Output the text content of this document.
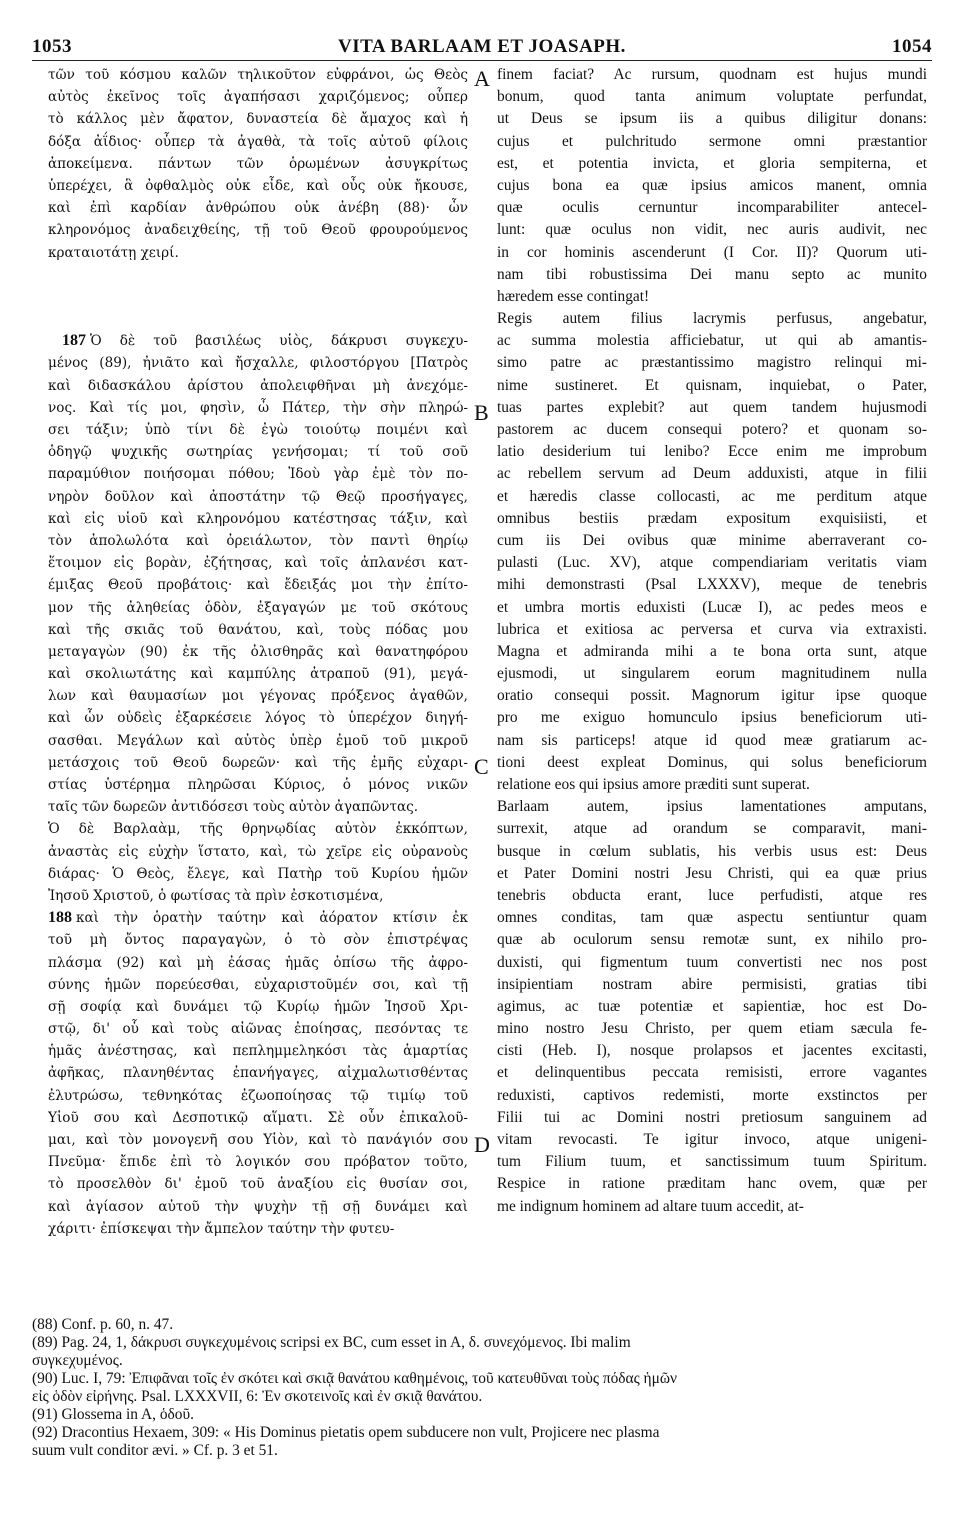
1053	VITA BARLAAM ET JOASAPH.	1054
τῶν τοῦ κόσμου καλῶν τηλικοῦτον εὐφράνοι, ὡς Θεὸς
αὐτὸς ἐκεῖνος τοῖς ἀγαπήσασι χαριζόμενος; οὗπερ
τὸ κάλλος μὲν ἄφατον, δυναστεία δὲ ἄμαχος καὶ ἡ
δόξα ἀΐδιος· οὗπερ τὰ ἀγαθὰ, τὰ τοῖς αὐτοῦ φίλοις
ἀποκείμενα. πάντων τῶν ὁρωμένων ἀσυγκρίτως
ὑπερέχει, ἃ ὀφθαλμὸς οὐκ εἶδε, καὶ οὖς οὐκ ἤκουσε,
καὶ ἐπὶ καρδίαν ἀνθρώπου οὐκ ἀνέβη (88)· ὧν
κληρονόμος ἀναδειχθείης, τῇ τοῦ Θεοῦ φρουρούμενος
κραταιοτάτῃ χειρί.
187 Ὁ δὲ τοῦ βασιλέως υἱὸς, δάκρυσι συγκεχυ-
μένος (89), ἠνιᾶτο καὶ ἤσχαλλε, φιλοστόργου [Πατρὸς
καὶ διδασκάλου ἀρίστου ἀπολειφθῆναι μὴ ἀνεχόμε-
νος. Καὶ τίς μοι, φησὶν, ὦ Πάτερ, τὴν σὴν πληρώ-
σει τάξιν; ὑπὸ τίνι δὲ ἐγὼ τοιούτῳ ποιμένι καὶ
ὁδηγῷ ψυχικῆς σωτηρίας γενήσομαι; τί τοῦ σοῦ
παραμύθιον ποιήσομαι πόθου; Ἰδοὺ γὰρ ἐμὲ τὸν πο-
νηρὸν δοῦλον καὶ ἀποστάτην τῷ Θεῷ προσήγαγες,
καὶ εἰς υἱοῦ καὶ κληρονόμου κατέστησας τάξιν, καὶ
τὸν ἀπολωλότα καὶ ὀρειάλωτον, τὸν παντὶ θηρίῳ
ἕτοιμον εἰς βορὰν, ἐζήτησας, καὶ τοῖς ἀπλανέσι κατ-
έμιξας Θεοῦ προβάτοις· καὶ ἔδειξάς μοι τὴν ἐπίτο-
μον τῆς ἀληθείας ὁδὸν, ἐξαγαγών με τοῦ σκότους
καὶ τῆς σκιᾶς τοῦ θανάτου, καὶ, τοὺς πόδας μου
μεταγαγὼν (90) ἐκ τῆς ὀλισθηρᾶς καὶ θανατηφόρου
καὶ σκολιωτάτης καὶ καμπύλης ἀτραποῦ (91), μεγά-
λων καὶ θαυμασίων μοι γέγονας πρόξενος ἀγαθῶν,
καὶ ὧν οὐδεὶς ἐξαρκέσειε λόγος τὸ ὑπερέχον διηγή-
σασθαι. Μεγάλων καὶ αὐτὸς ὑπὲρ ἐμοῦ τοῦ μικροῦ
μετάσχοις τοῦ Θεοῦ δωρεῶν· καὶ τῆς ἐμῆς εὐχαρι-
στίας ὑστέρημα πληρῶσαι Κύριος, ὁ μόνος νικῶν
ταῖς τῶν δωρεῶν ἀντιδόσεσι τοὺς αὐτὸν ἀγαπῶντας.
Ὁ δὲ Βαρλαὰμ, τῆς θρηνῳδίας αὐτὸν ἐκκόπτων,
ἀναστὰς εἰς εὐχὴν ἵστατο, καὶ, τὼ χεῖρε εἰς οὐρανοὺς
διάρας· Ὁ Θεὸς, ἔλεγε, καὶ Πατὴρ τοῦ Κυρίου ἡμῶν
Ἰησοῦ Χριστοῦ, ὁ φωτίσας τὰ πρὶν ἐσκοτισμένα,
188 καὶ τὴν ὁρατὴν ταύτην καὶ ἀόρατον κτίσιν ἐκ
τοῦ μὴ ὄντος παραγαγὼν, ὁ τὸ σὸν ἐπιστρέψας
πλάσμα (92) καὶ μὴ ἐάσας ἡμᾶς ὀπίσω τῆς ἀφρο-
σύνης ἡμῶν πορεύεσθαι, εὐχαριστοῦμέν σοι, καὶ τῇ
σῇ σοφίᾳ καὶ δυνάμει τῷ Κυρίῳ ἡμῶν Ἰησοῦ Χρι-
στῷ, δι' οὗ καὶ τοὺς αἰῶνας ἐποίησας, πεσόντας τε
ἡμᾶς ἀνέστησας, καὶ πεπλημμεληκόσι τὰς ἁμαρτίας
ἀφῆκας, πλανηθέντας ἐπανήγαγες, αἰχμαλωτισθέντας
ἐλυτρώσω, τεθνηκότας ἐζωοποίησας τῷ τιμίῳ τοῦ
Υἱοῦ σου καὶ Δεσποτικῷ αἵματι. Σὲ οὖν ἐπικαλοῦ-
μαι, καὶ τὸν μονογενῆ σου Υἱὸν, καὶ τὸ πανάγιόν σου
Πνεῦμα· ἔπιδε ἐπὶ τὸ λογικόν σου πρόβατον τοῦτο,
τὸ προσελθὸν δι' ἐμοῦ τοῦ ἀναξίου εἰς θυσίαν σοι,
καὶ ἁγίασον αὐτοῦ τὴν ψυχὴν τῇ σῇ δυνάμει καὶ
χάριτι· ἐπίσκεψαι τὴν ἄμπελον ταύτην τὴν φυτευ-
finem faciat? Ac rursum, quodnam est hujus mundi
bonum, quod tanta animum voluptate perfundat,
ut Deus se ipsum iis a quibus diligitur donans:
cujus et pulchritudo sermone omni præstantior
est, et potentia invicta, et gloria sempiterna, et
cujus bona ea quæ ipsius amicos manent, omnia
quæ oculis cernuntur incomparabiliter antecel-
lunt: quæ oculus non vidit, nec auris audivit, nec
in cor hominis ascenderunt (I Cor. II)? Quorum uti-
nam tibi robustissima Dei manu septo ac munito
hæredem esse contingat!
Regis autem filius lacrymis perfusus, angebatur,
ac summa molestia afficiebatur, ut qui ab amantis-
simo patre ac præstantissimo magistro relinqui mi-
nime sustineret. Et quisnam, inquiebat, o Pater,
tuas partes explebit? aut quem tandem hujusmodi
pastorem ac ducem consequi potero? et quonam so-
latio desiderium tui lenibo? Ecce enim me improbum
ac rebellem servum ad Deum adduxisti, atque in filii
et hæredis classe collocasti, ac me perditum atque
omnibus bestiis prædam expositum exquisiisti, et
cum iis Dei ovibus quæ minime aberraverant co-
pulasti (Luc. XV), atque compendiariam veritatis viam
mihi demonstrasti (Psal LXXXV), meque de tenebris
et umbra mortis eduxisti (Lucæ I), ac pedes meos e
lubrica et exitiosa ac perversa et curva via extraxisti.
Magna et admiranda mihi a te bona orta sunt, atque
ejusmodi, ut singularem eorum magnitudinem nulla
oratio consequi possit. Magnorum igitur ipse quoque
pro me exiguo homunculo ipsius beneficiorum uti-
nam sis particeps! atque id quod meæ gratiarum ac-
tioni deest expleat Dominus, qui solus beneficiorum
relatione eos qui ipsius amore præditi sunt superat.
Barlaam autem, ipsius lamentationes amputans,
surrexit, atque ad orandum se comparavit, mani-
busque in cœlum sublatis, his verbis usus est: Deus
et Pater Domini nostri Jesu Christi, qui ea quæ prius
tenebris obducta erant, luce perfudisti, atque res
omnes conditas, tam quæ aspectu sentiuntur quam
quæ ab oculorum sensu remotæ sunt, ex nihilo pro-
duxisti, qui figmentum tuum convertisti nec nos post
insipientiam nostram abire permisisti, gratias tibi
agimus, ac tuæ potentiæ et sapientiæ, hoc est Do-
mino nostro Jesu Christo, per quem etiam sæcula fe-
cisti (Heb. I), nosque prolapsos et jacentes excitasti,
et delinquentibus peccata remisisti, errore vagantes
reduxisti, captivos redemisti, morte exstinctos per
Filii tui ac Domini nostri pretiosum sanguinem ad
vitam revocasti. Te igitur invoco, atque unigeni-
tum Filium tuum, et sanctissimum tuum Spiritum.
Respice in ratione prædіtam hanc ovem, quæ per
me indignum hominem ad altare tuum accedit, at-
A
B
C
D
(88) Conf. p. 60, n. 47.
(89) Pag. 24, 1, δάκρυσι συγκεχυμένοις scripsi ex BC, cum esset in A, δ. συνεχόμενος. Ibi malim
συγκεχυμένος.
(90) Luc. I, 79: Ἐπιφᾶναι τοῖς ἐν σκότει καὶ σκιᾷ θανάτου καθημένοις, τοῦ κατευθῦναι τοὺς πόδας ἡμῶν
εἰς ὁδὸν εἰρήνης. Psal. LXXXVII, 6: Ἐν σκοτεινοῖς καὶ ἐν σκιᾷ θανάτου.
(91) Glossema in A, ὁδοῦ.
(92) Dracontius Hexaem, 309: « His Dominus pietatis opem subducere non vult, Projicere nec plasma
suum vult conditor ævi. » Cf. p. 3 et 51.
